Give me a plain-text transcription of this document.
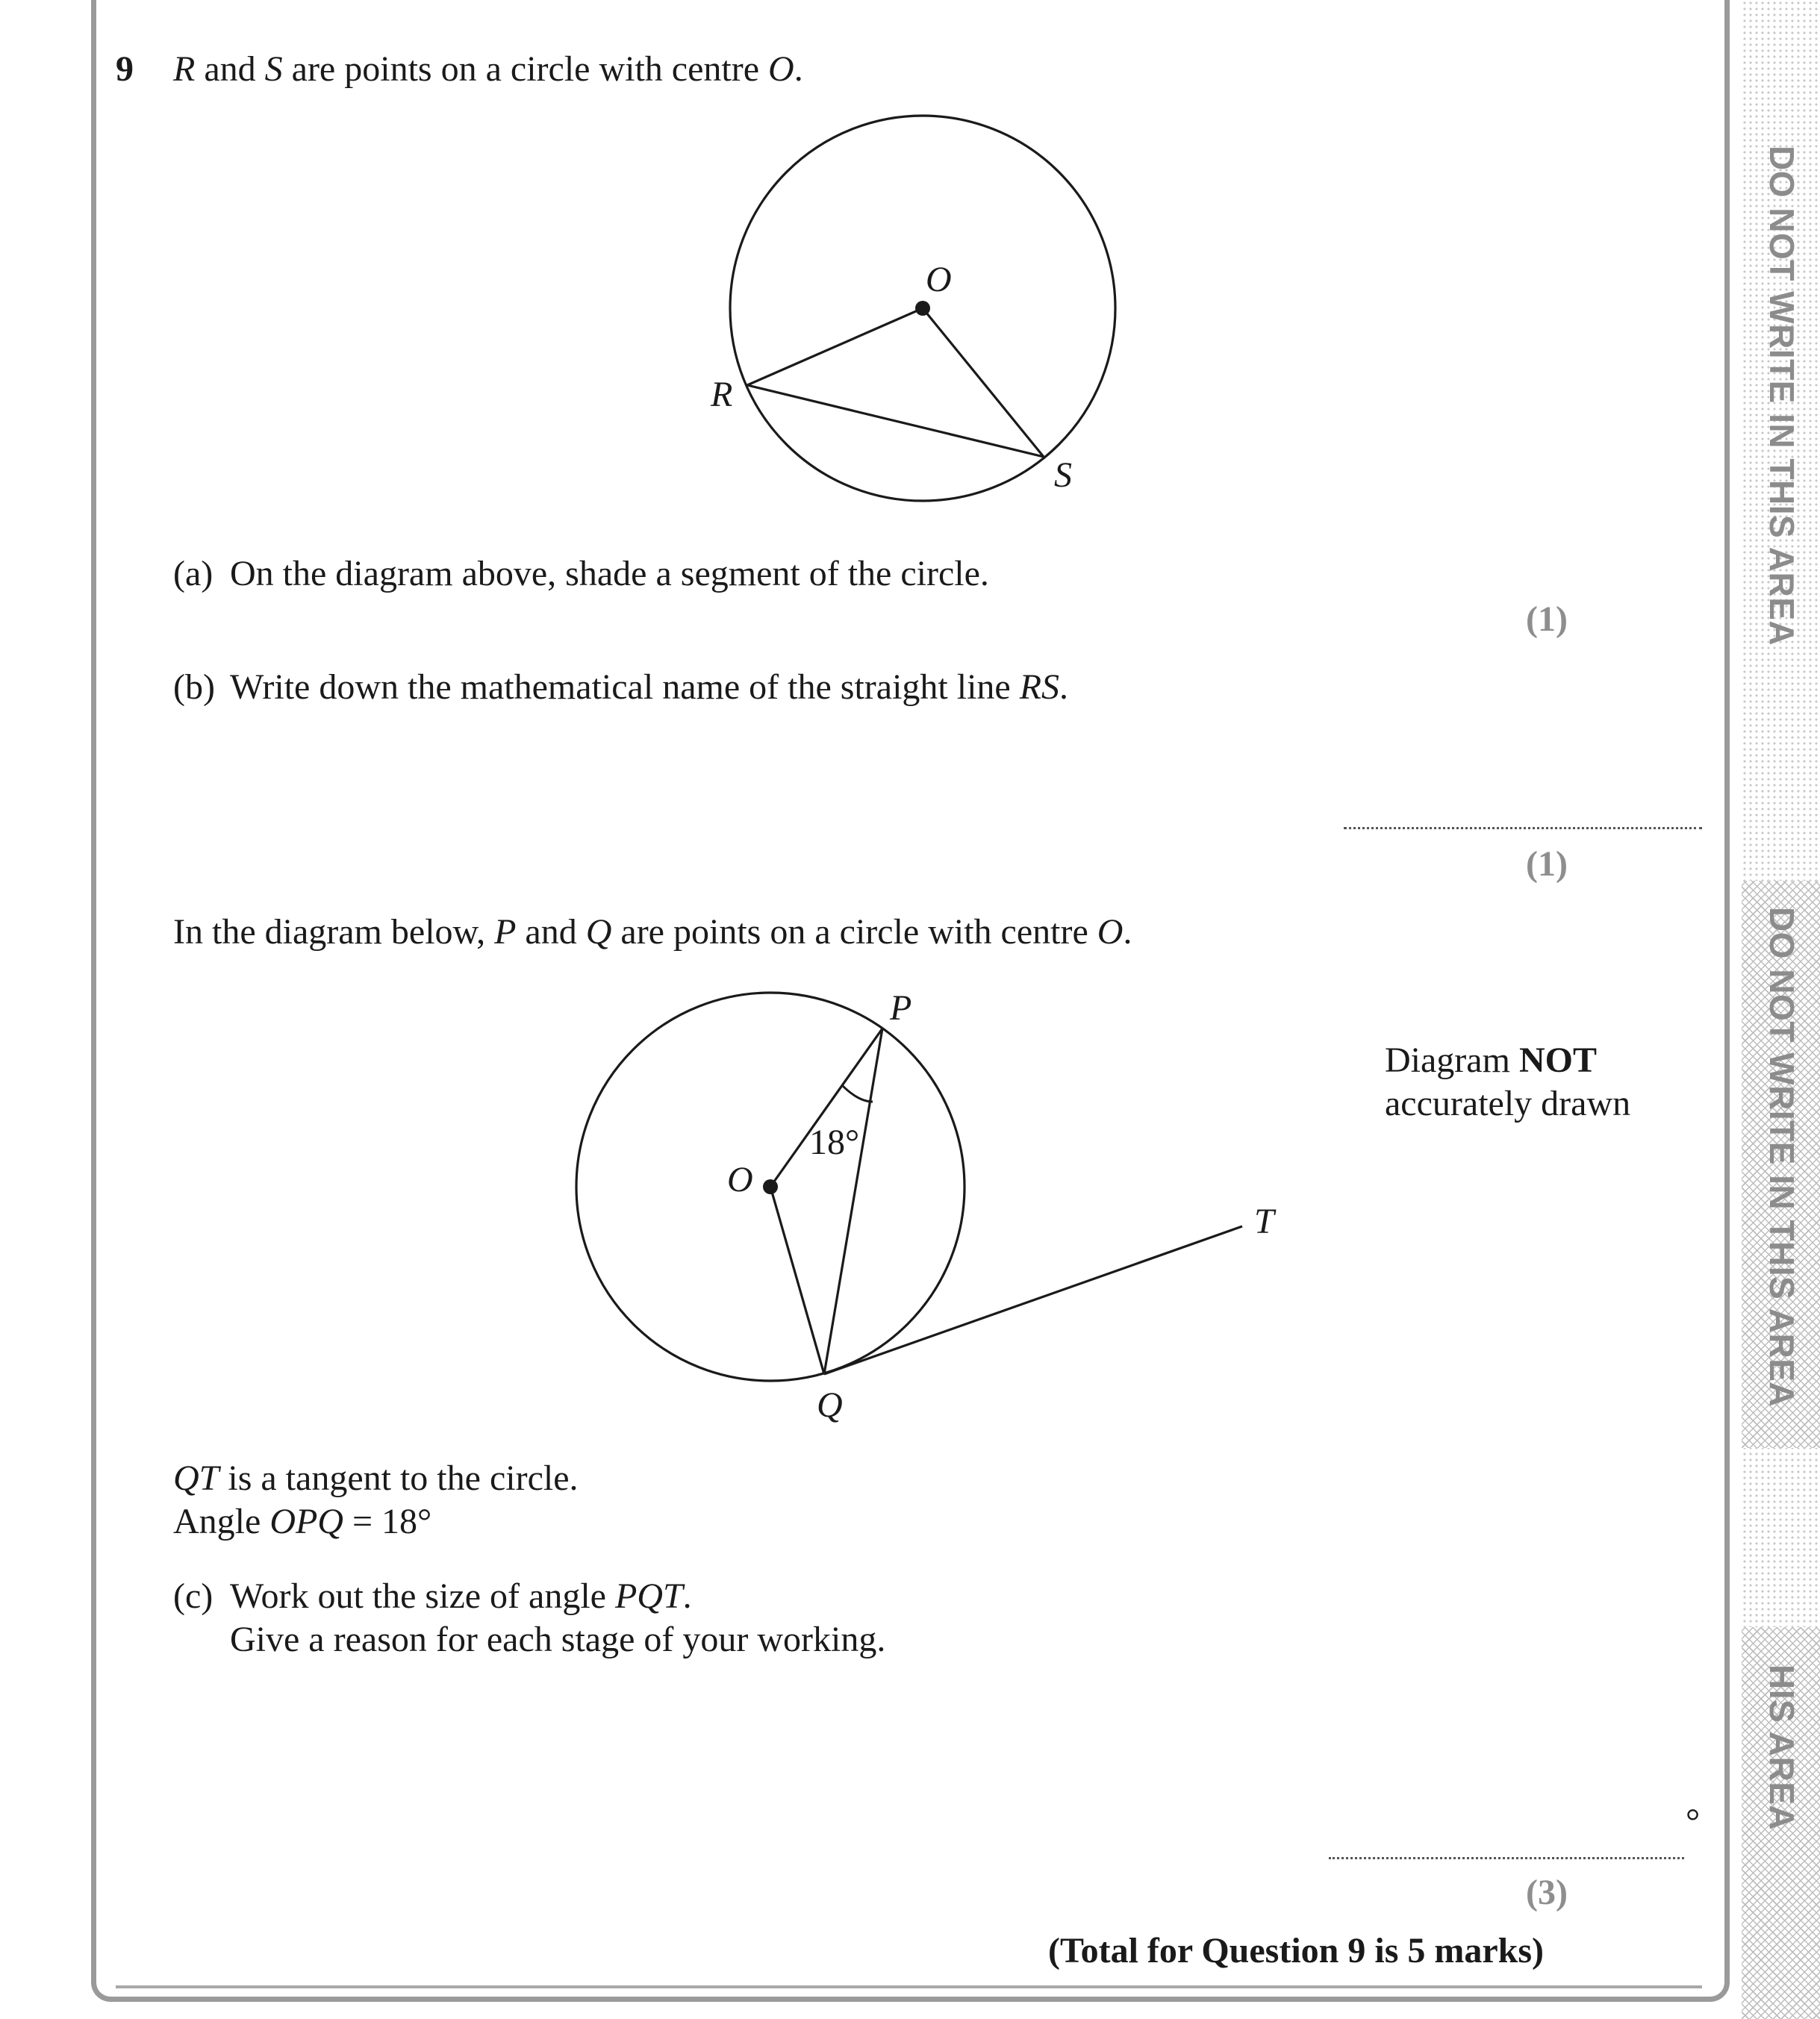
DO NOT WRITE IN THIS AREA
DO NOT WRITE IN THIS AREA
HIS AREA
9 R and S are points on a circle with centre O.
O
R
S
(a) On the diagram above, shade a segment of the circle.
(1)
(b) Write down the mathematical name of the straight line RS.
(1)
In the diagram below, P and Q are points on a circle with centre O.
P
O
Q
T
18°
Diagram NOT
accurately drawn
QT is a tangent to the circle.
Angle OPQ = 18°
(c) Work out the size of angle PQT.
Give a reason for each stage of your working.
°
(3)
(Total for Question 9 is 5 marks)
